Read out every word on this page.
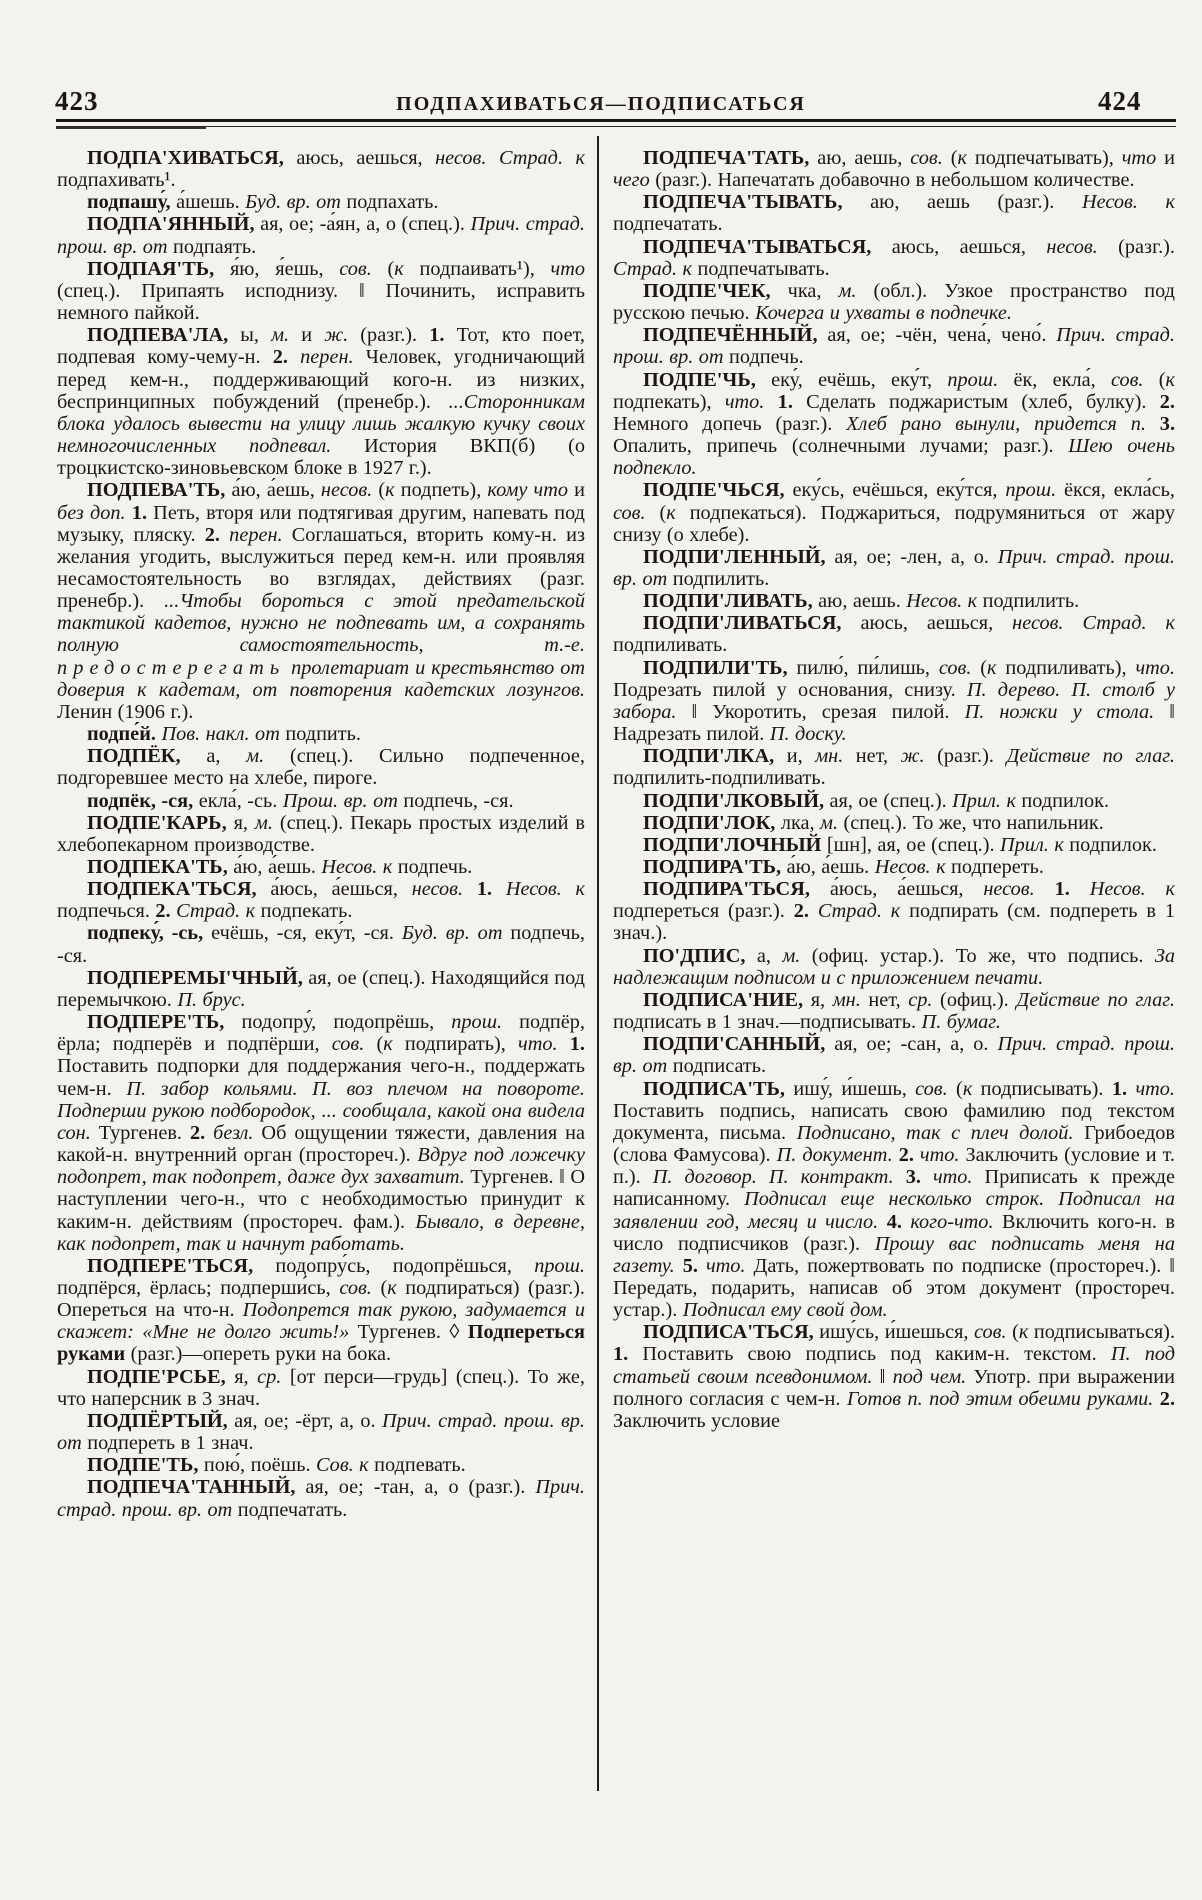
423	ПОДПАХИВАТЬСЯ—ПОДПИСАТЬСЯ	424

ПОДПА'ХИВАТЬСЯ, аюсь, аешься, несов. Страд. к подпахивать¹.

подпашу́, а́шешь. Буд. вр. от подпахать.

ПОДПА'ЯННЫЙ, ая, ое; -а́ян, а, о (спец.). Прич. страд. прош. вр. от подпаять.

ПОДПАЯ'ТЬ, я́ю, я́ешь, сов. (к подпаивать¹), что (спец.). Припаять исподнизу. ‖ Починить, исправить немного пайкой.

ПОДПЕВА'ЛА, ы, м. и ж. (разг.). 1. Тот, кто поет, подпевая кому-чему-н. 2. перен. Человек, угодничающий перед кем-н., поддерживающий кого-н. из низких, беспринципных побуждений (пренебр.). ...Сторонникам блока удалось вывести на улицу лишь жалкую кучку своих немногочисленных подпевал. История ВКП(б) (о троцкистско-зиновьевском блоке в 1927 г.).

ПОДПЕВА'ТЬ, а́ю, а́ешь, несов. (к подпеть), кому что и без доп. 1. Петь, вторя или подтягивая другим, напевать под музыку, пляску. 2. перен. Соглашаться, вторить кому-н. из желания угодить, выслужиться перед кем-н. или проявляя несамостоятельность во взглядах, действиях (разг. пренебр.). ...Чтобы бороться с этой предательской тактикой кадетов, нужно не подпевать им, а сохранять полную самостоятельность, т.-е. предостерегать пролетариат и крестьянство от доверия к кадетам, от повторения кадетских лозунгов. Ленин (1906 г.).

подпе́й. Пов. накл. от подпить.

ПОДПЁК, а, м. (спец.). Сильно подпеченное, подгоревшее место на хлебе, пироге.

подпёк, -ся, екла́, -сь. Прош. вр. от подпечь, -ся.

ПОДПЕ'КАРЬ, я, м. (спец.). Пекарь простых изделий в хлебопекарном производстве.

ПОДПЕКА'ТЬ, а́ю, а́ешь. Несов. к подпечь.

ПОДПЕКА'ТЬСЯ, а́юсь, а́ешься, несов. 1. Несов. к подпечься. 2. Страд. к подпекать.

подпеку́, -сь, ечёшь, -ся, еку́т, -ся. Буд. вр. от подпечь, -ся.

ПОДПЕРЕМЫ'ЧНЫЙ, ая, ое (спец.). Находящийся под перемычкою. П. брус.

ПОДПЕРЕ'ТЬ, подопру́, подопрёшь, прош. подпёр, ёрла; подперёв и подпёрши, сов. (к подпирать), что. 1. Поставить подпорки для поддержания чего-н., поддержать чем-н. П. забор кольями. П. воз плечом на повороте. Подперши рукою подбородок, ... сообщала, какой она видела сон. Тургенев. 2. безл. Об ощущении тяжести, давления на какой-н. внутренний орган (простореч.). Вдруг под ложечку подопрет, так подопрет, даже дух захватит. Тургенев. ‖ О наступлении чего-н., что с необходимостью принудит к каким-н. действиям (простореч. фам.). Бывало, в деревне, как подопрет, так и начнут работать.

ПОДПЕРЕ'ТЬСЯ, подопру́сь, подопрёшься, прош. подпёрся, ёрлась; подперши́сь, сов. (к подпираться) (разг.). Опереться на что-н. Подопрется так рукою, задумается и скажет: «Мне не долго жить!» Тургенев. ◊ Подпереться руками (разг.)—опереть руки на бока.

ПОДПЕ'РСЬЕ, я, ср. [от перси—грудь] (спец.). То же, что наперсник в 3 знач.

ПОДПЁРТЫЙ, ая, ое; -ёрт, а, о. Прич. страд. прош. вр. от подпереть в 1 знач.

ПОДПЕ'ТЬ, пою́, поёшь. Сов. к подпевать.

ПОДПЕЧА'ТАННЫЙ, ая, ое; -тан, а, о (разг.). Прич. страд. прош. вр. от подпечатать.

ПОДПЕЧА'ТАТЬ, аю, аешь, сов. (к подпечатывать), что и чего (разг.). Напечатать добавочно в небольшом количестве.

ПОДПЕЧА'ТЫВАТЬ, аю, аешь (разг.). Несов. к подпечатать.

ПОДПЕЧА'ТЫВАТЬСЯ, аюсь, аешься, несов. (разг.). Страд. к подпечатывать.

ПОДПЕ'ЧЕК, чка, м. (обл.). Узкое пространство под русскою печью. Кочерга и ухваты в подпечке.

ПОДПЕЧЁННЫЙ, ая, ое; -чён, чена́, чено́. Прич. страд. прош. вр. от подпечь.

ПОДПЕ'ЧЬ, еку́, ечёшь, еку́т, прош. ёк, екла́, сов. (к подпекать), что. 1. Сделать поджаристым (хлеб, булку). 2. Немного допечь (разг.). Хлеб рано вынули, придется п. 3. Опалить, припечь (солнечными лучами; разг.). Шею очень подпекло.

ПОДПЕ'ЧЬСЯ, еку́сь, ечёшься, еку́тся, прош. ёкся, екла́сь, сов. (к подпекаться). Поджариться, подрумяниться от жару снизу (о хлебе).

ПОДПИ'ЛЕННЫЙ, ая, ое; -лен, а, о. Прич. страд. прош. вр. от подпилить.

ПОДПИ'ЛИВАТЬ, аю, аешь. Несов. к подпилить.

ПОДПИ'ЛИВАТЬСЯ, аюсь, аешься, несов. Страд. к подпиливать.

ПОДПИЛИ'ТЬ, пилю́, пи́лишь, сов. (к подпиливать), что. Подрезать пилой у основания, снизу. П. дерево. П. столб у забора. ‖ Укоротить, срезая пилой. П. ножки у стола. ‖ Надрезать пилой. П. доску.

ПОДПИ'ЛКА, и, мн. нет, ж. (разг.). Действие по глаг. подпилить-подпиливать.

ПОДПИ'ЛКОВЫЙ, ая, ое (спец.). Прил. к подпилок.

ПОДПИ'ЛОК, лка, м. (спец.). То же, что напильник.

ПОДПИ'ЛОЧНЫЙ [шн], ая, ое (спец.). Прил. к подпилок.

ПОДПИРА'ТЬ, а́ю, а́ешь. Несов. к подпереть.

ПОДПИРА'ТЬСЯ, а́юсь, а́ешься, несов. 1. Несов. к подпереться (разг.). 2. Страд. к подпирать (см. подпереть в 1 знач.).

ПО'ДПИС, а, м. (офиц. устар.). То же, что подпись. За надлежащим подписом и с приложением печати.

ПОДПИСА'НИЕ, я, мн. нет, ср. (офиц.). Действие по глаг. подписать в 1 знач.—подписывать. П. бумаг.

ПОДПИ'САННЫЙ, ая, ое; -сан, а, о. Прич. страд. прош. вр. от подписать.

ПОДПИСА'ТЬ, ишу́, и́шешь, сов. (к подписывать). 1. что. Поставить подпись, написать свою фамилию под текстом документа, письма. Подписано, так с плеч долой. Грибоедов (слова Фамусова). П. документ. 2. что. Заключить (условие и т. п.). П. договор. П. контракт. 3. что. Приписать к прежде написанному. Подписал еще несколько строк. Подписал на заявлении год, месяц и число. 4. кого-что. Включить кого-н. в число подписчиков (разг.). Прошу вас подписать меня на газету. 5. что. Дать, пожертвовать по подписке (простореч.). ‖ Передать, подарить, написав об этом документ (простореч. устар.). Подписал ему свой дом.

ПОДПИСА'ТЬСЯ, ишу́сь, и́шешься, сов. (к подписываться). 1. Поставить свою подпись под каким-н. текстом. П. под статьей своим псевдонимом. ‖ под чем. Употр. при выражении полного согласия с чем-н. Готов п. под этим обеими руками. 2. Заключить условие
